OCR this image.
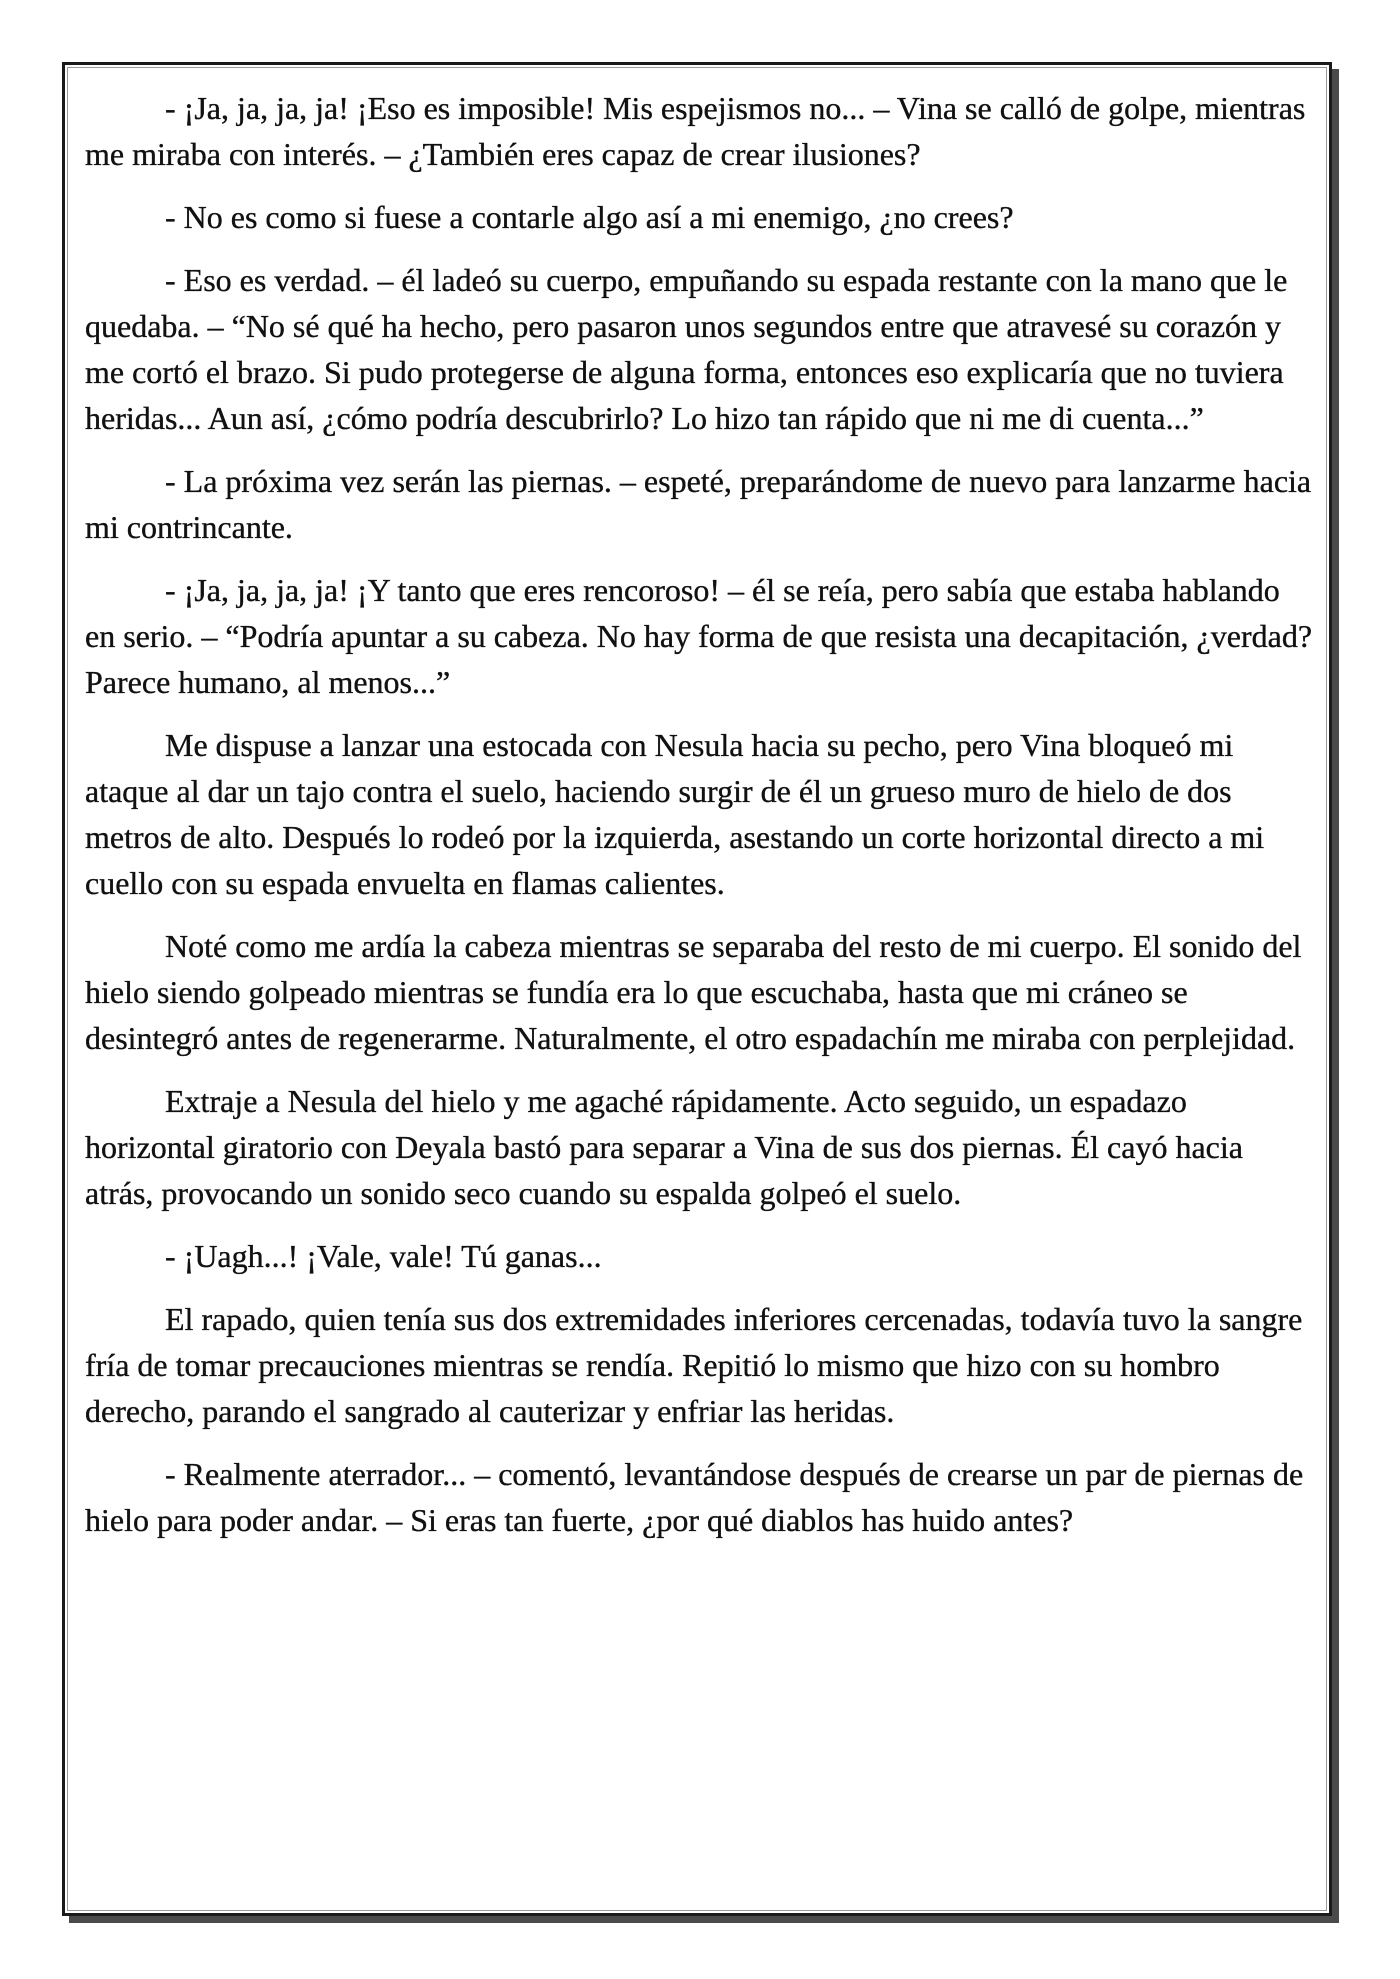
- ¡Ja, ja, ja, ja! ¡Eso es imposible! Mis espejismos no... – Vina se calló de golpe, mientras me miraba con interés. – ¿También eres capaz de crear ilusiones?

- No es como si fuese a contarle algo así a mi enemigo, ¿no crees?

- Eso es verdad. – él ladeó su cuerpo, empuñando su espada restante con la mano que le quedaba. – “No sé qué ha hecho, pero pasaron unos segundos entre que atravesé su corazón y me cortó el brazo. Si pudo protegerse de alguna forma, entonces eso explicaría que no tuviera heridas... Aun así, ¿cómo podría descubrirlo? Lo hizo tan rápido que ni me di cuenta...”

- La próxima vez serán las piernas. – espeté, preparándome de nuevo para lanzarme hacia mi contrincante.

- ¡Ja, ja, ja, ja! ¡Y tanto que eres rencoroso! – él se reía, pero sabía que estaba hablando en serio. – “Podría apuntar a su cabeza. No hay forma de que resista una decapitación, ¿verdad? Parece humano, al menos...”

Me dispuse a lanzar una estocada con Nesula hacia su pecho, pero Vina bloqueó mi ataque al dar un tajo contra el suelo, haciendo surgir de él un grueso muro de hielo de dos metros de alto. Después lo rodeó por la izquierda, asestando un corte horizontal directo a mi cuello con su espada envuelta en flamas calientes.

Noté como me ardía la cabeza mientras se separaba del resto de mi cuerpo. El sonido del hielo siendo golpeado mientras se fundía era lo que escuchaba, hasta que mi cráneo se desintegró antes de regenerarme. Naturalmente, el otro espadachín me miraba con perplejidad.

Extraje a Nesula del hielo y me agaché rápidamente. Acto seguido, un espadazo horizontal giratorio con Deyala bastó para separar a Vina de sus dos piernas. Él cayó hacia atrás, provocando un sonido seco cuando su espalda golpeó el suelo.

- ¡Uagh...! ¡Vale, vale! Tú ganas...

El rapado, quien tenía sus dos extremidades inferiores cercenadas, todavía tuvo la sangre fría de tomar precauciones mientras se rendía. Repitió lo mismo que hizo con su hombro derecho, parando el sangrado al cauterizar y enfriar las heridas.

- Realmente aterrador... – comentó, levantándose después de crearse un par de piernas de hielo para poder andar. – Si eras tan fuerte, ¿por qué diablos has huido antes?
